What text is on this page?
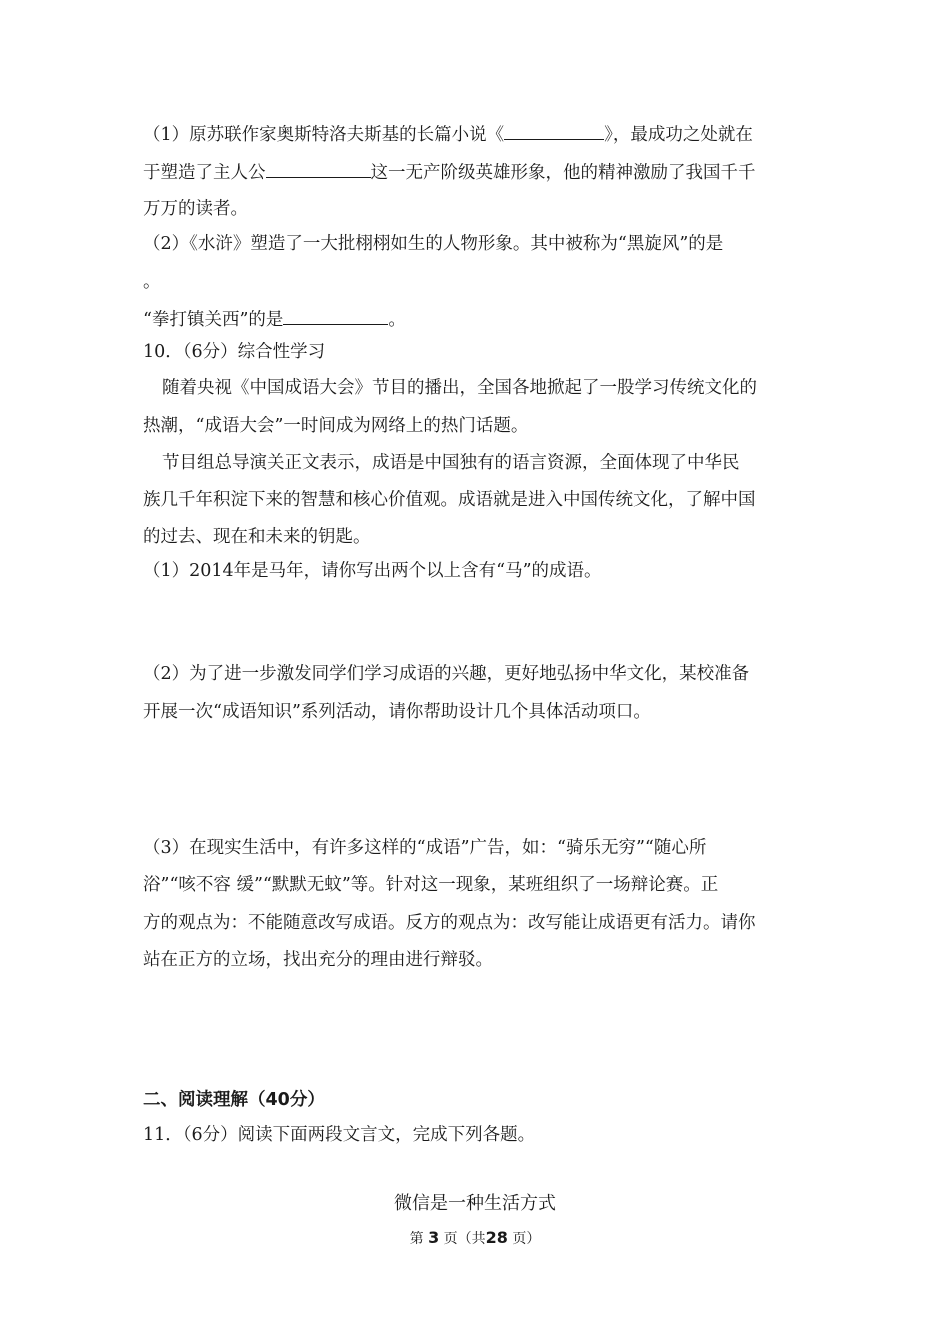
（1）原苏联作家奥斯特洛夫斯基的长篇小说《	》，最成功之处就在
于塑造了主人公	这一无产阶级英雄形象，他的精神激励了我国千千
万万的读者。
（2）《水浒》塑造了一大批栩栩如生的人物形象。其中被称为“黑旋风”的是
。
“拳打镇关西”的是	。
10．（6分）综合性学习
随着央视《中国成语大会》节目的播出，全国各地掀起了一股学习传统文化的
热潮，“成语大会”一时间成为网络上的热门话题。
节目组总导演关正文表示，成语是中国独有的语言资源，全面体现了中华民
族几千年积淀下来的智慧和核心价值观。成语就是进入中国传统文化，了解中国
的过去、现在和未来的钥匙。
（1）2014年是马年，请你写出两个以上含有“马”的成语。
（2）为了进一步激发同学们学习成语的兴趣，更好地弘扬中华文化，某校准备
开展一次“成语知识”系列活动，请你帮助设计几个具体活动项口。
（3）在现实生活中，有许多这样的“成语”广告，如：“骑乐无穷”“随心所
浴”“咳不容 缓”“默默无蚊”等。针对这一现象，某班组织了一场辩论赛。正
方的观点为：不能随意改写成语。反方的观点为：改写能让成语更有活力。请你
站在正方的立场，找出充分的理由进行辩驳。
二、阅读理解（40分）
11．（6分）阅读下面两段文言文，完成下列各题。
微信是一种生活方式
第 3 页（共28 页）
